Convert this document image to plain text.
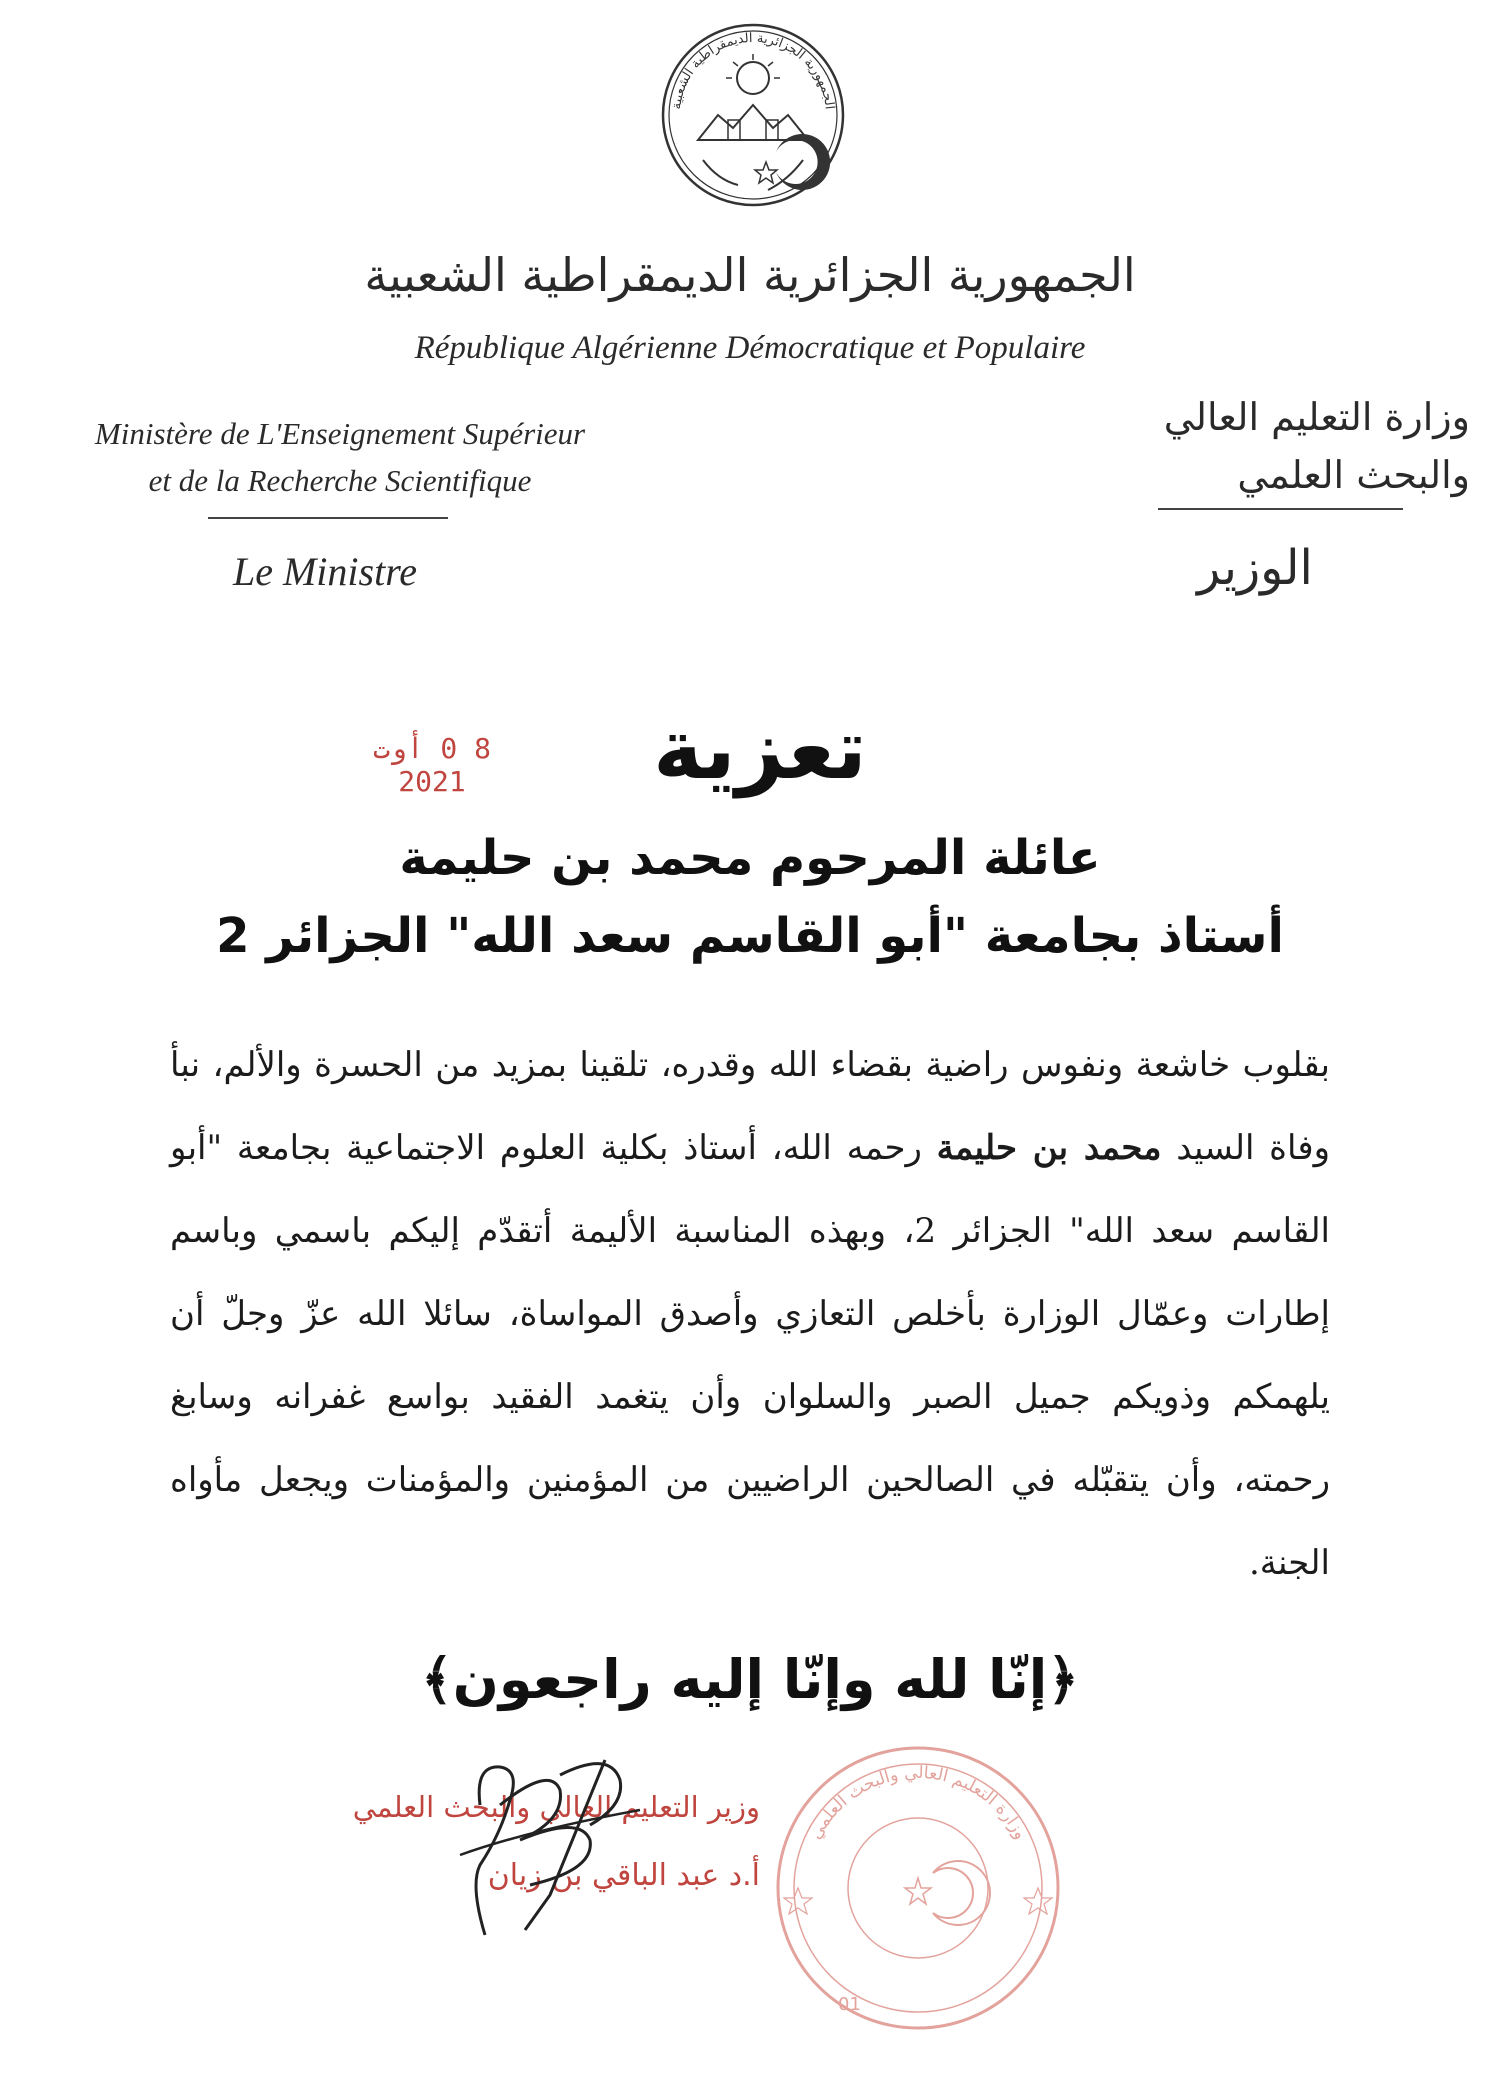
الجمهورية الجزائرية الديمقراطية الشعبية
الجمهورية الجزائرية الديمقراطية الشعبية
République Algérienne Démocratique et Populaire
Ministère de L'Enseignement Supérieur
et de la Recherche Scientifique
وزارة التعليم العالي
والبحث العلمي
Le Ministre	الوزير
تعزية
8 0 أوت 2021
عائلة المرحوم محمد بن حليمة
أستاذ بجامعة "أبو القاسم سعد الله" الجزائر 2
بقلوب خاشعة ونفوس راضية بقضاء الله وقدره، تلقينا بمزيد من الحسرة والألم، نبأ وفاة السيد محمد بن حليمة رحمه الله، أستاذ بكلية العلوم الاجتماعية بجامعة "أبو القاسم سعد الله" الجزائر 2، وبهذه المناسبة الأليمة أتقدّم إليكم باسمي وباسم إطارات وعمّال الوزارة بأخلص التعازي وأصدق المواساة، سائلا الله عزّ وجلّ أن يلهمكم وذويكم جميل الصبر والسلوان وأن يتغمد الفقيد بواسع غفرانه وسابغ رحمته، وأن يتقبّله في الصالحين الراضيين من المؤمنين والمؤمنات ويجعل مأواه الجنة.
﴿إنّا لله وإنّا إليه راجعون﴾
وزارة التعليم العالي والبحث العلمي
01
وزير التعليم العالي والبحث العلمي
أ.د عبد الباقي بن زيان
